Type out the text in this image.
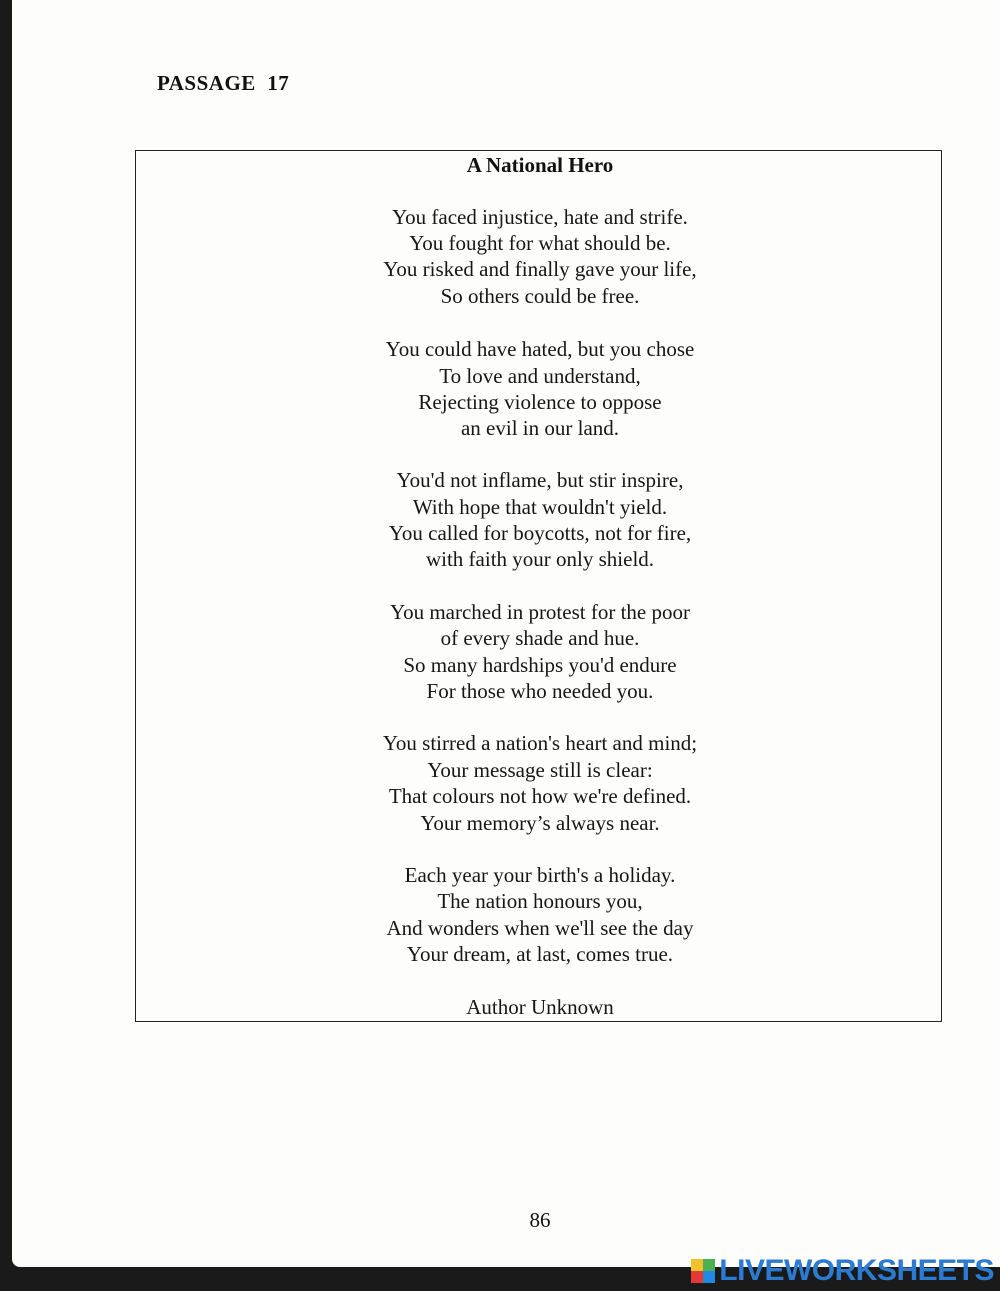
PASSAGE  17
A National Hero
You faced injustice, hate and strife.
You fought for what should be.
You risked and finally gave your life,
So others could be free.
You could have hated, but you chose
To love and understand,
Rejecting violence to oppose
an evil in our land.
You'd not inflame, but stir inspire,
With hope that wouldn't yield.
You called for boycotts, not for fire,
with faith your only shield.
You marched in protest for the poor
of every shade and hue.
So many hardships you'd endure
For those who needed you.
You stirred a nation's heart and mind;
Your message still is clear:
That colours not how we're defined.
Your memory’s always near.
Each year your birth's a holiday.
The nation honours you,
And wonders when we'll see the day
Your dream, at last, comes true.
Author Unknown
86
LIVEWORKSHEETS
